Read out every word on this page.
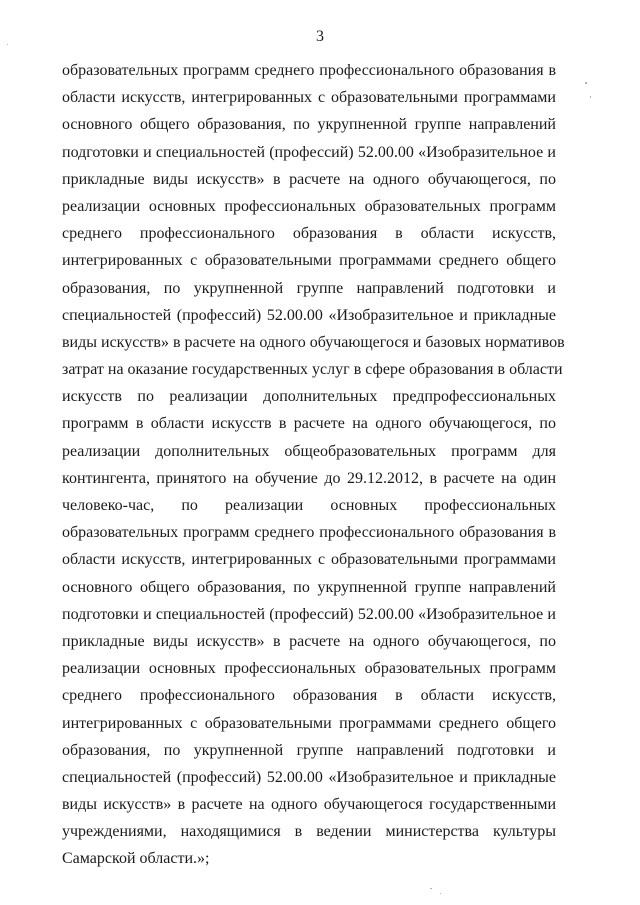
3
образовательных программ среднего профессионального образования в
области искусств, интегрированных с образовательными программами
основного общего образования, по укрупненной группе направлений
подготовки и специальностей (профессий) 52.00.00 «Изобразительное и
прикладные виды искусств» в расчете на одного обучающегося, по
реализации основных профессиональных образовательных программ
среднего профессионального образования в области искусств,
интегрированных с образовательными программами среднего общего
образования, по укрупненной группе направлений подготовки и
специальностей (профессий) 52.00.00 «Изобразительное и прикладные
виды искусств» в расчете на одного обучающегося и базовых нормативов
затрат на оказание государственных услуг в сфере образования в области
искусств по реализации дополнительных предпрофессиональных
программ в области искусств в расчете на одного обучающегося, по
реализации дополнительных общеобразовательных программ для
контингента, принятого на обучение до 29.12.2012, в расчете на один
человеко-час, по реализации основных профессиональных
образовательных программ среднего профессионального образования в
области искусств, интегрированных с образовательными программами
основного общего образования, по укрупненной группе направлений
подготовки и специальностей (профессий) 52.00.00 «Изобразительное и
прикладные виды искусств» в расчете на одного обучающегося, по
реализации основных профессиональных образовательных программ
среднего профессионального образования в области искусств,
интегрированных с образовательными программами среднего общего
образования, по укрупненной группе направлений подготовки и
специальностей (профессий) 52.00.00 «Изобразительное и прикладные
виды искусств» в расчете на одного обучающегося государственными
учреждениями, находящимися в ведении министерства культуры
Самарской области.»;
